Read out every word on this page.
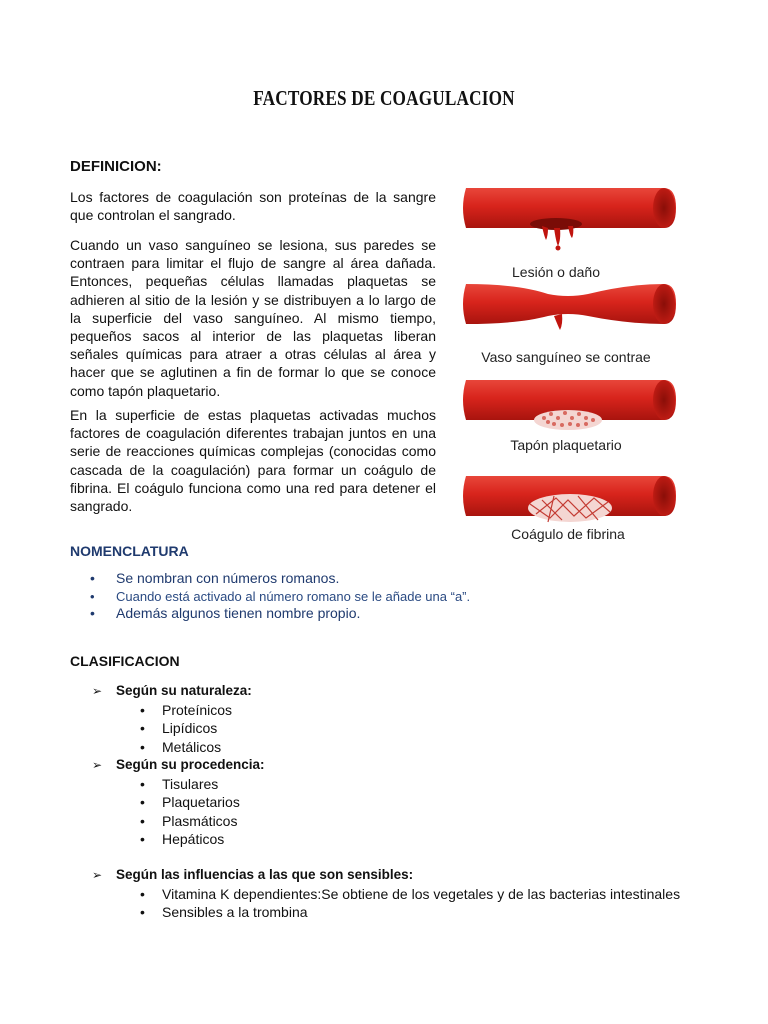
FACTORES DE COAGULACION
DEFINICION:

Los factores de coagulación son proteínas de la sangre que controlan el sangrado.

Cuando un vaso sanguíneo se lesiona, sus paredes se contraen para limitar el flujo de sangre al área dañada. Entonces, pequeñas células llamadas plaquetas se adhieren al sitio de la lesión y se distribuyen a lo largo de la superficie del vaso sanguíneo. Al mismo tiempo, pequeños sacos al interior de las plaquetas liberan señales químicas para atraer a otras células al área y hacer que se aglutinen a fin de formar lo que se conoce como tapón plaquetario.

En la superficie de estas plaquetas activadas muchos factores de coagulación diferentes trabajan juntos en una serie de reacciones químicas complejas (conocidas como cascada de la coagulación) para formar un coágulo de fibrina. El coágulo funciona como una red para detener el sangrado.

Lesión o daño
Vaso sanguíneo se contrae
Tapón plaquetario
Coágulo de fibrina
NOMENCLATURA
• Se nombran con números romanos.
• Cuando está activado al número romano se le añade una “a”.
• Además algunos tienen nombre propio.
CLASIFICACION
➢ Según su naturaleza:
• Proteínicos
• Lipídicos
• Metálicos
➢ Según su procedencia:
• Tisulares
• Plaquetarios
• Plasmáticos
• Hepáticos
➢ Según las influencias a las que son sensibles:
• Vitamina K dependientes:Se obtiene de los vegetales y de las bacterias intestinales
• Sensibles a la trombina
